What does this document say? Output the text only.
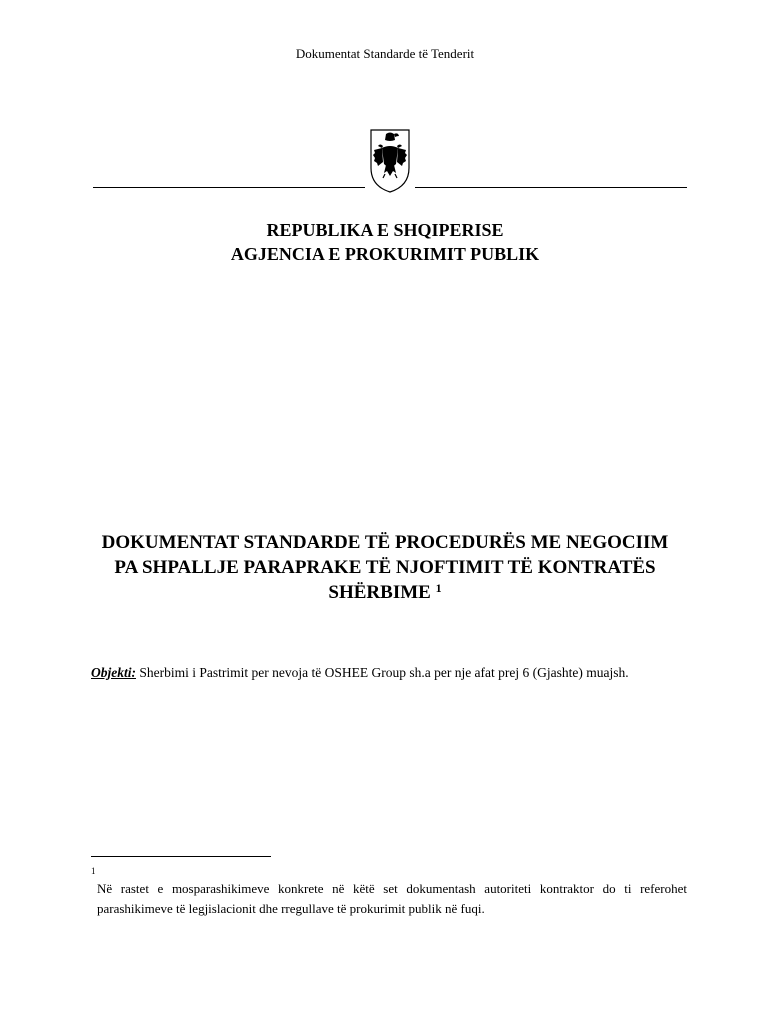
Dokumentat Standarde të Tenderit
REPUBLIKA E SHQIPERISE
AGJENCIA E PROKURIMIT PUBLIK
DOKUMENTAT STANDARDE TË PROCEDURËS ME NEGOCIIM
PA SHPALLJE PARAPRAKE TË NJOFTIMIT TË KONTRATËS
SHËRBIME $^1$
Objekti: Sherbimi i Pastrimit per nevoja të OSHEE Group sh.a per nje afat prej 6 (Gjashte) muajsh.
1
Në rastet e mosparashikimeve konkrete në këtë set dokumentash autoriteti kontraktor do ti referohet parashikimeve të legjislacionit dhe rregullave të prokurimit publik në fuqi.
